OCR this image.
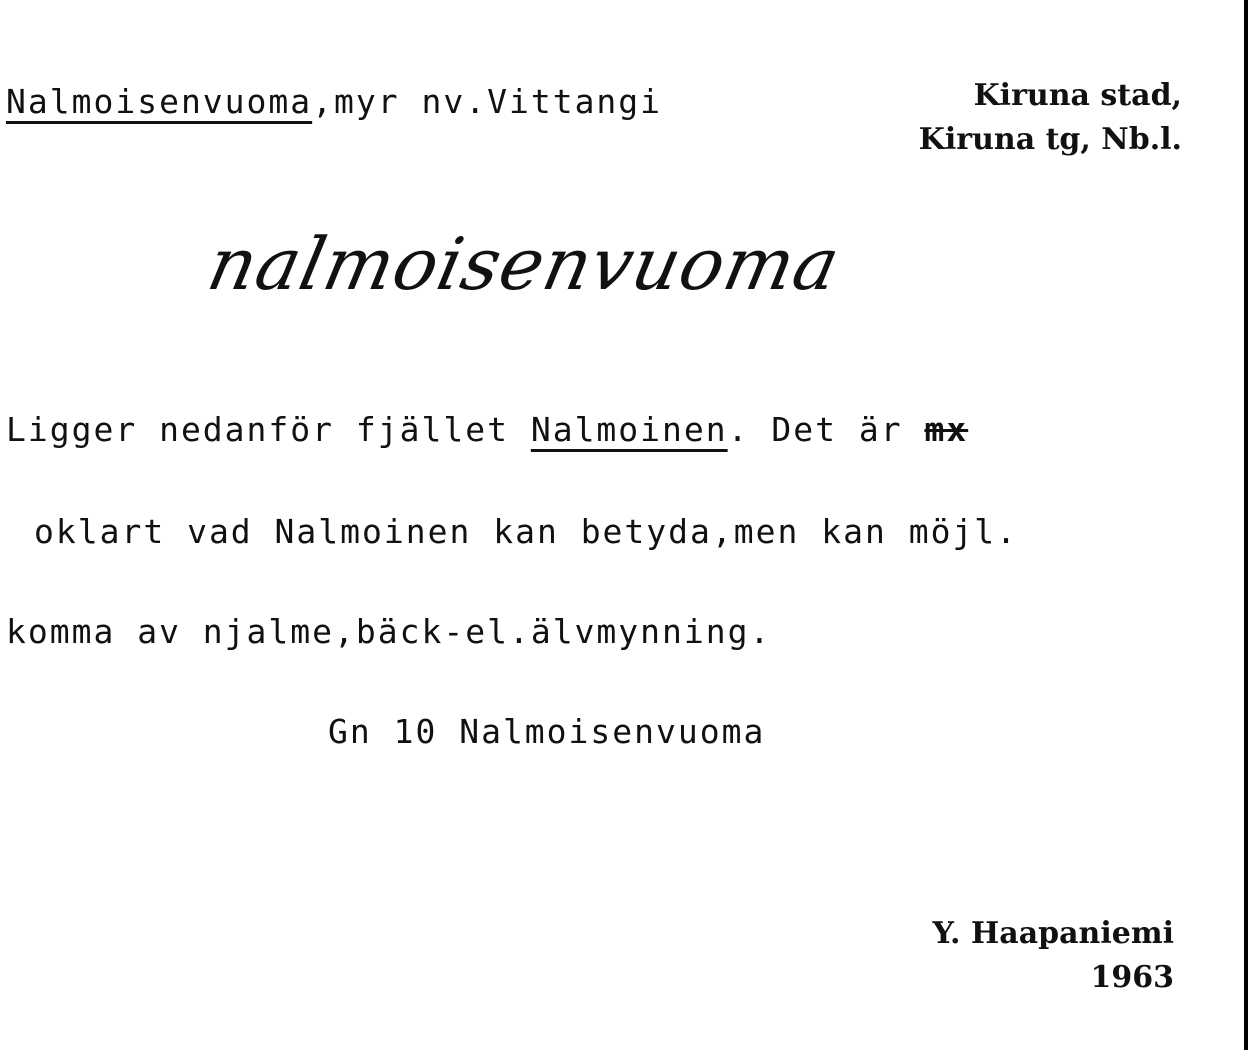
Nalmoisenvuoma,myr nv.Vittangi	Kiruna stad,
Kiruna tg, Nb.l.
nalmoisenvuoma
Ligger nedanför fjället Nalmoinen. Det är mx
oklart vad Nalmoinen kan betyda,men kan möjl.
komma av njalme,bäck-el.älvmynning.
Gn 10 Nalmoisenvuoma
Y. Haapaniemi
1963
